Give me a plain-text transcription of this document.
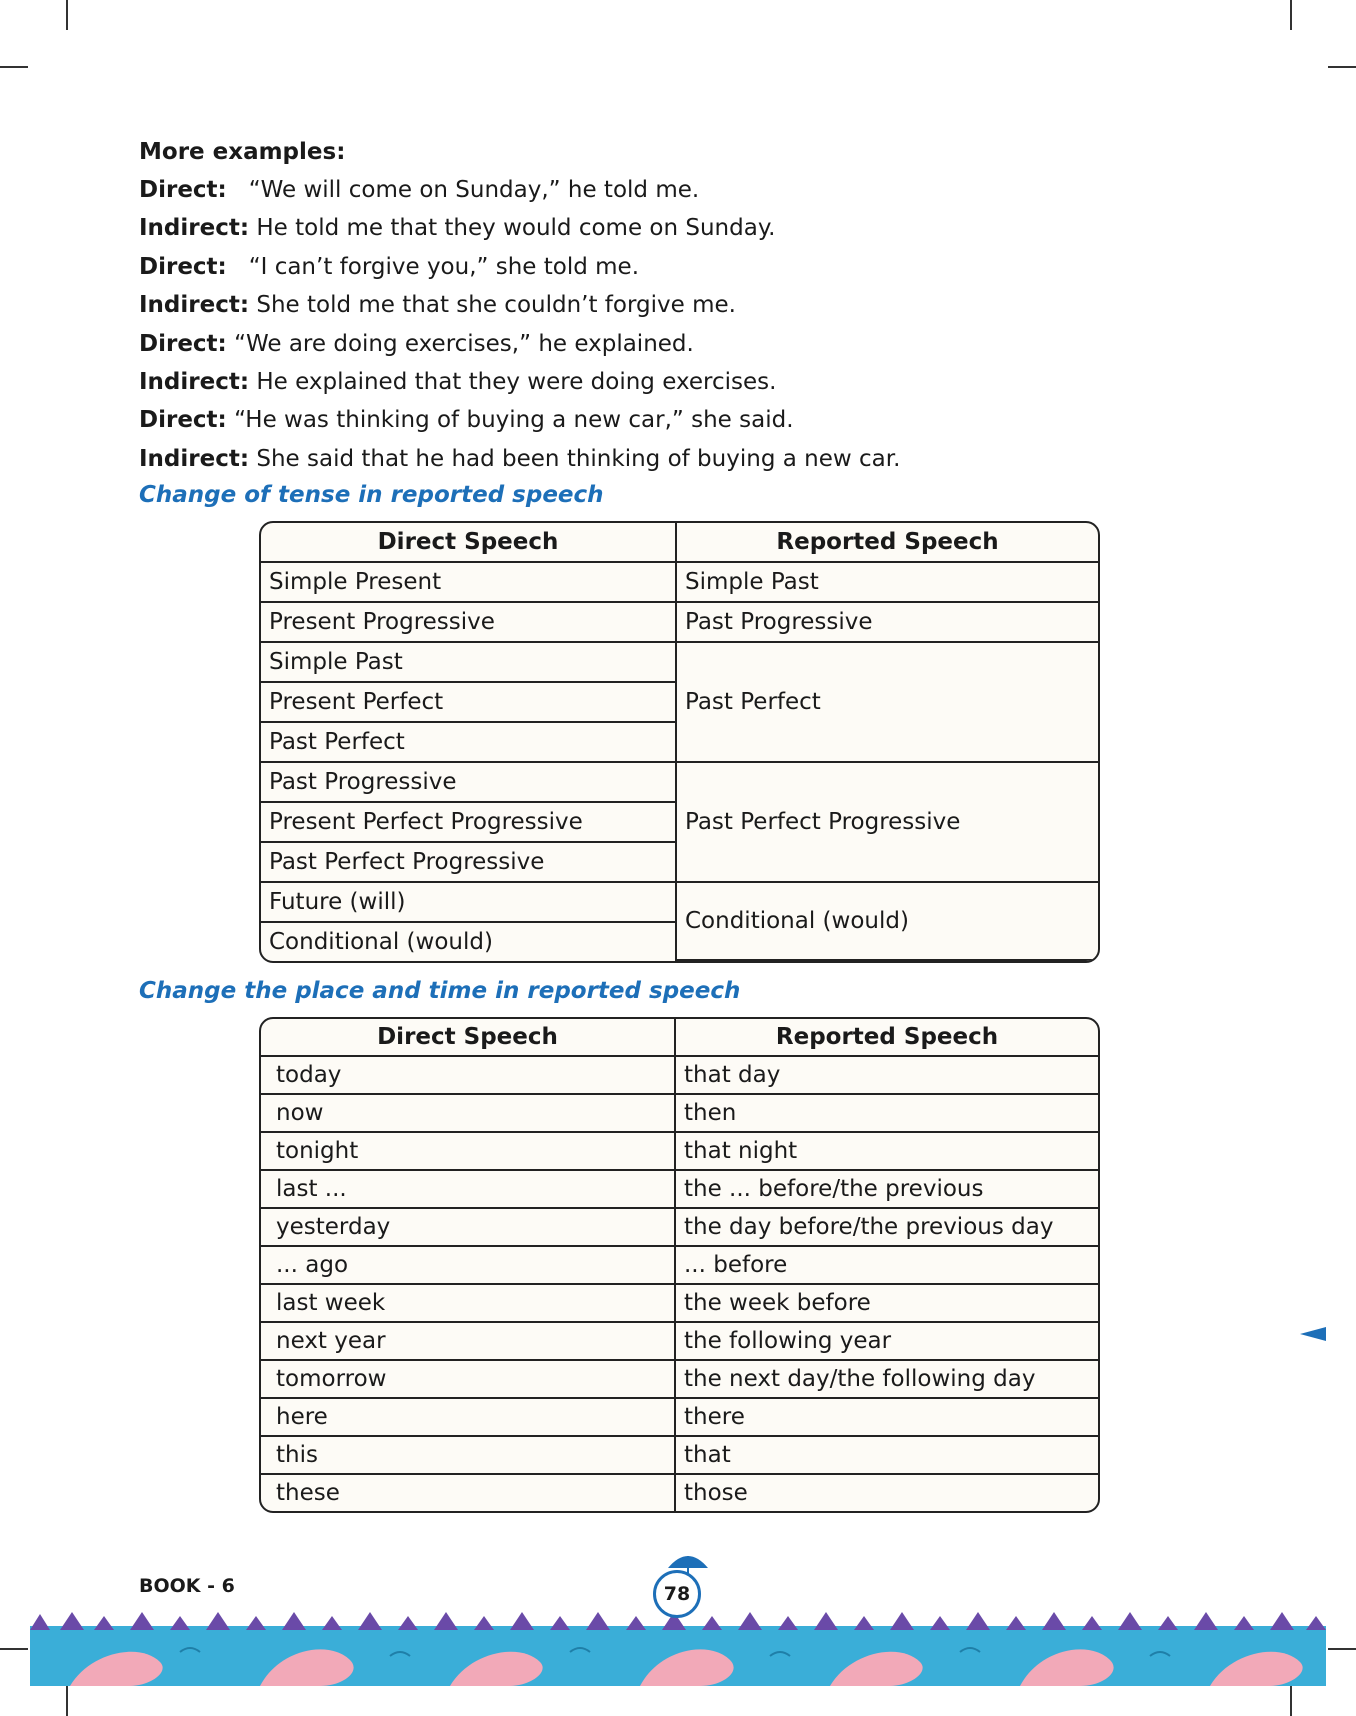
More examples:
Direct: “We will come on Sunday,” he told me.
Indirect: He told me that they would come on Sunday.
Direct: “I can’t forgive you,” she told me.
Indirect: She told me that she couldn’t forgive me.
Direct: “We are doing exercises,” he explained.
Indirect: He explained that they were doing exercises.
Direct: “He was thinking of buying a new car,” she said.
Indirect: She said that he had been thinking of buying a new car.
Change of tense in reported speech
Direct Speech	Reported Speech
Simple Present	Simple Past
Present Progressive	Past Progressive
Simple Past	Past Perfect
Present Perfect	
Past Perfect	
Past Progressive	Past Perfect Progressive
Present Perfect Progressive	
Past Perfect Progressive	
Future (will)	Conditional (would)
Conditional (would)	
Change the place and time in reported speech
Direct Speech	Reported Speech
today	that day
now	then
tonight	that night
last ...	the ... before/the previous
yesterday	the day before/the previous day
... ago	... before
last week	the week before
next year	the following year
tomorrow	the next day/the following day
here	there
this	that
these	those
BOOK - 6	78
